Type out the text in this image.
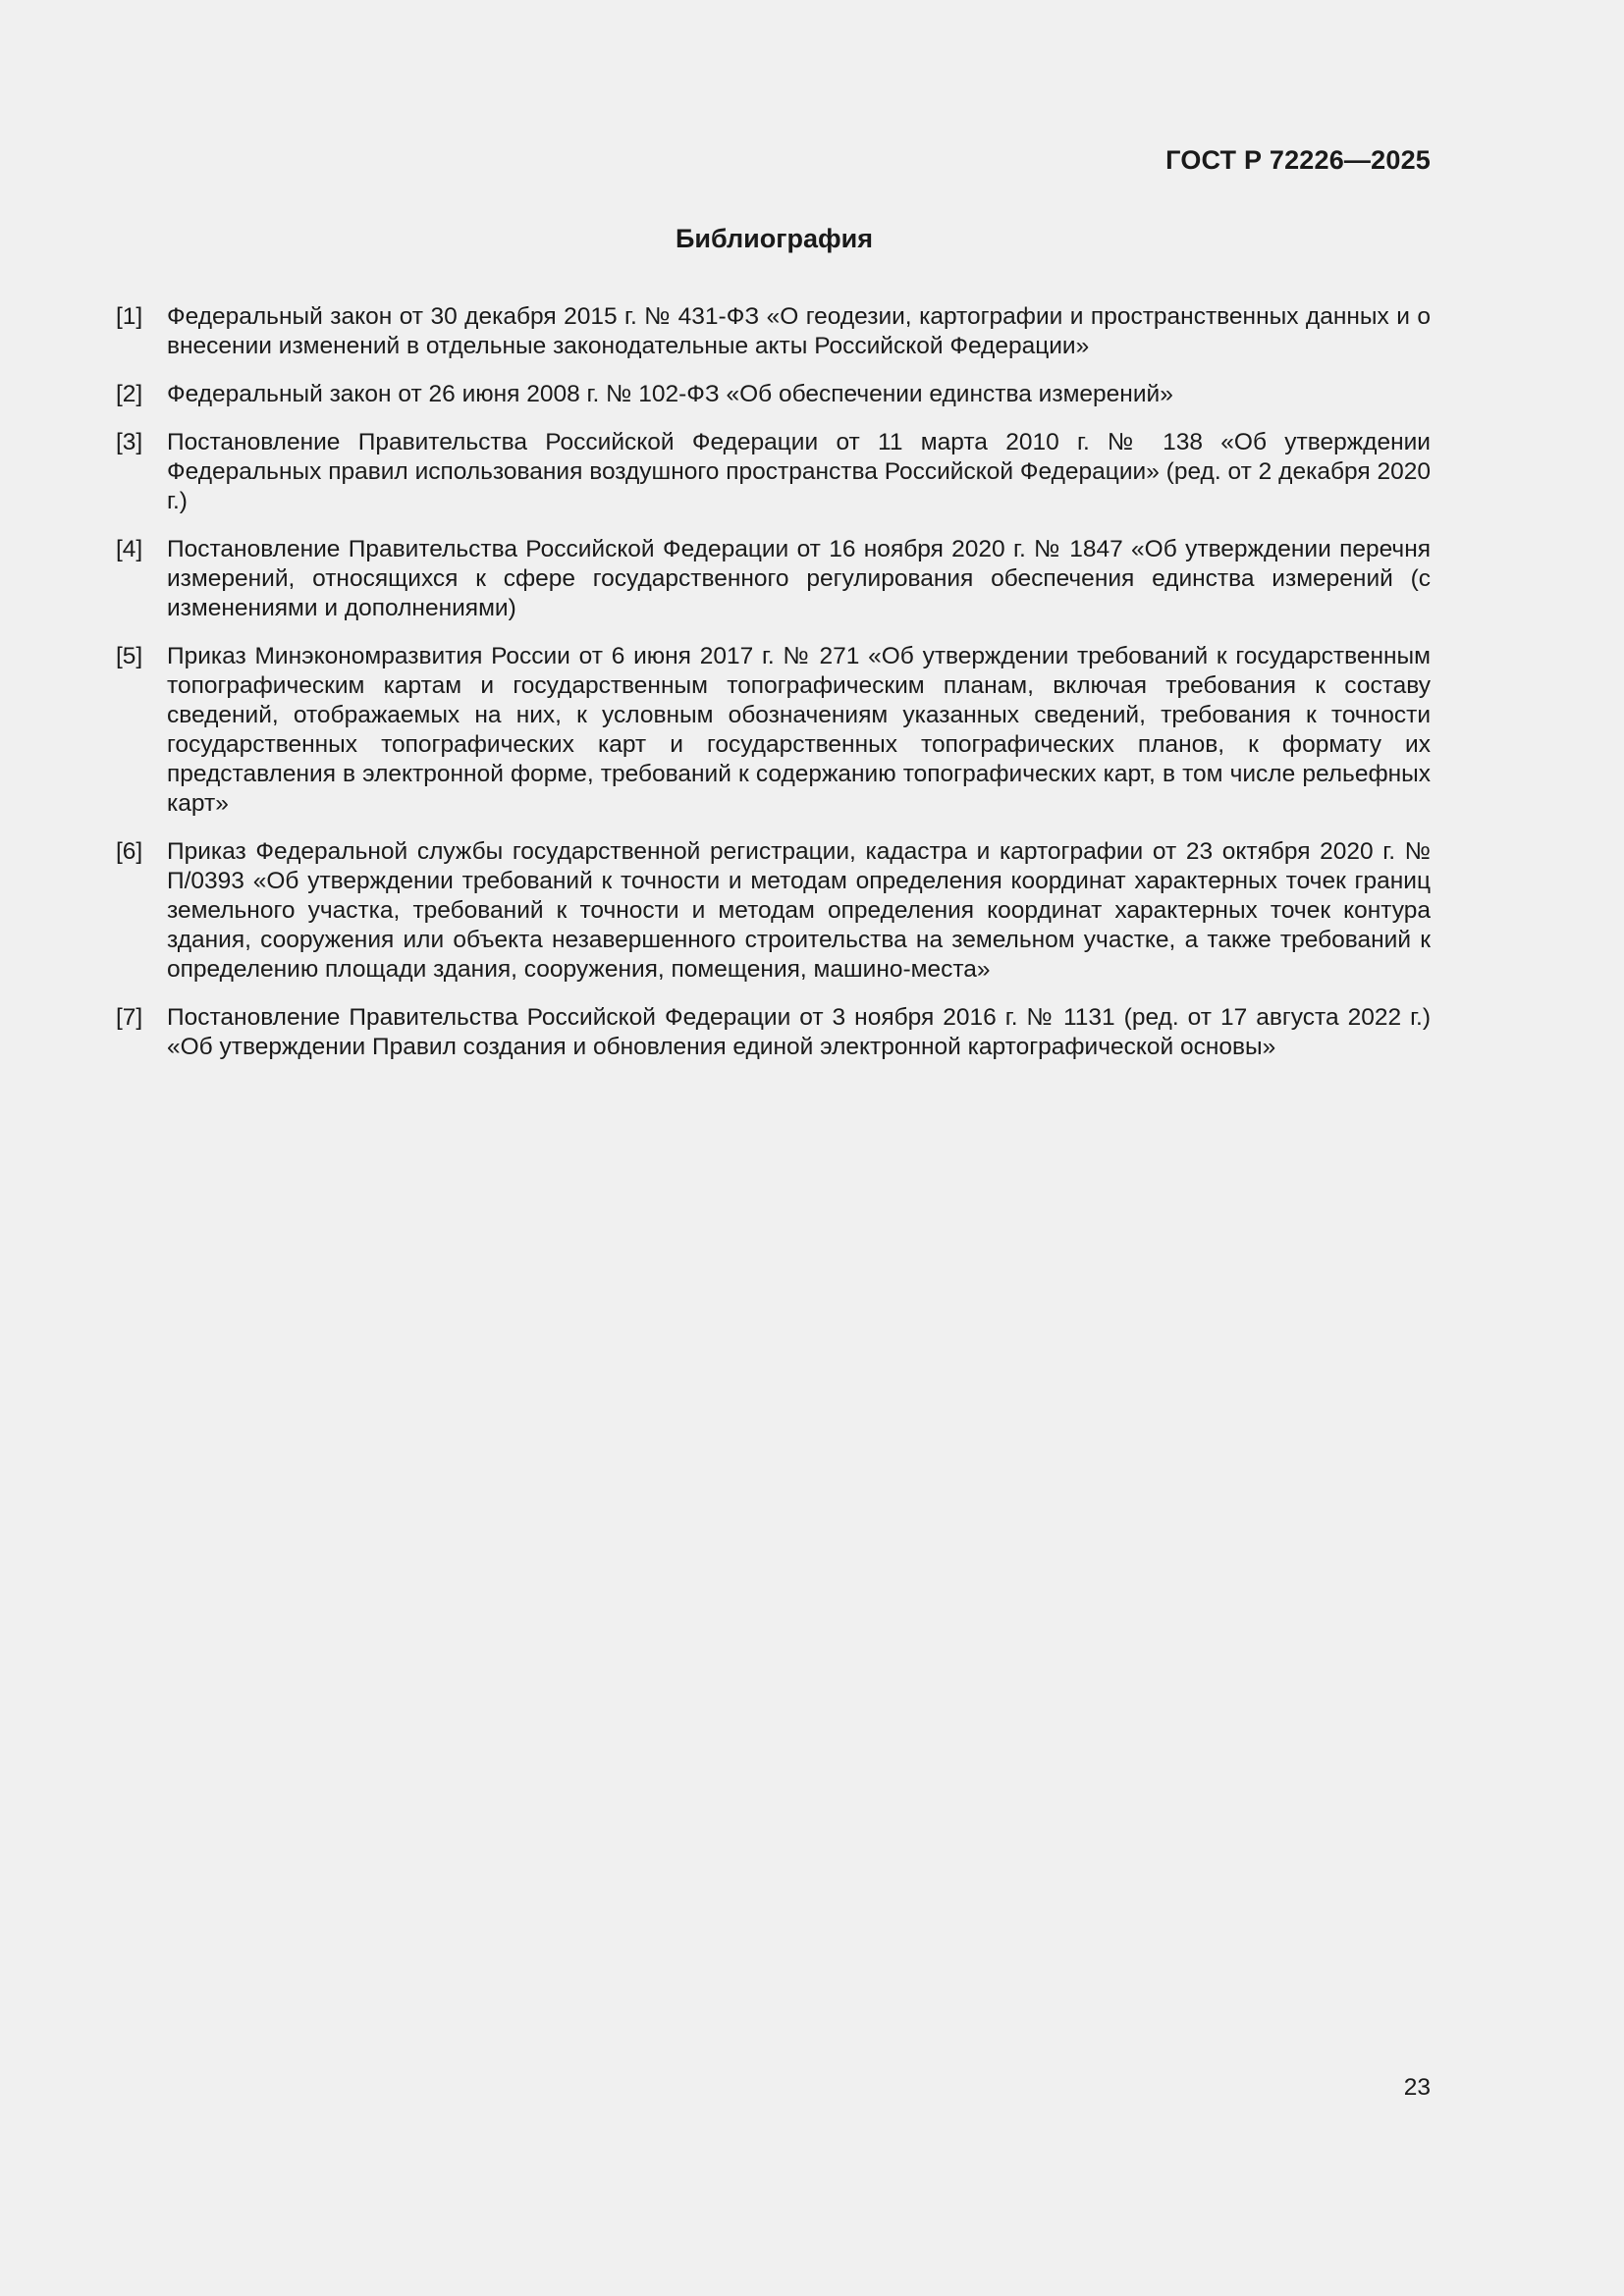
ГОСТ Р 72226—2025
Библиография
[1]	Федеральный закон от 30 декабря 2015 г. № 431-ФЗ «О геодезии, картографии и пространственных данных и о внесении изменений в отдельные законодательные акты Российской Федерации»
[2]	Федеральный закон от 26 июня 2008 г. № 102-ФЗ «Об обеспечении единства измерений»
[3]	Постановление Правительства Российской Федерации от 11 марта 2010 г. № 138 «Об утверждении Федеральных правил использования воздушного пространства Российской Федерации» (ред. от 2 декабря 2020 г.)
[4]	Постановление Правительства Российской Федерации от 16 ноября 2020 г. № 1847 «Об утверждении перечня измерений, относящихся к сфере государственного регулирования обеспечения единства измерений (с изменениями и дополнениями)
[5]	Приказ Минэкономразвития России от 6 июня 2017 г. № 271 «Об утверждении требований к государственным топографическим картам и государственным топографическим планам, включая требования к составу сведений, отображаемых на них, к условным обозначениям указанных сведений, требования к точности государственных топографических карт и государственных топографических планов, к формату их представления в электронной форме, требований к содержанию топографических карт, в том числе рельефных карт»
[6]	Приказ Федеральной службы государственной регистрации, кадастра и картографии от 23 октября 2020 г. № П/0393 «Об утверждении требований к точности и методам определения координат характерных точек границ земельного участка, требований к точности и методам определения координат характерных точек контура здания, сооружения или объекта незавершенного строительства на земельном участке, а также требований к определению площади здания, сооружения, помещения, машино-места»
[7]	Постановление Правительства Российской Федерации от 3 ноября 2016 г. № 1131 (ред. от 17 августа 2022 г.) «Об утверждении Правил создания и обновления единой электронной картографической основы»
23
